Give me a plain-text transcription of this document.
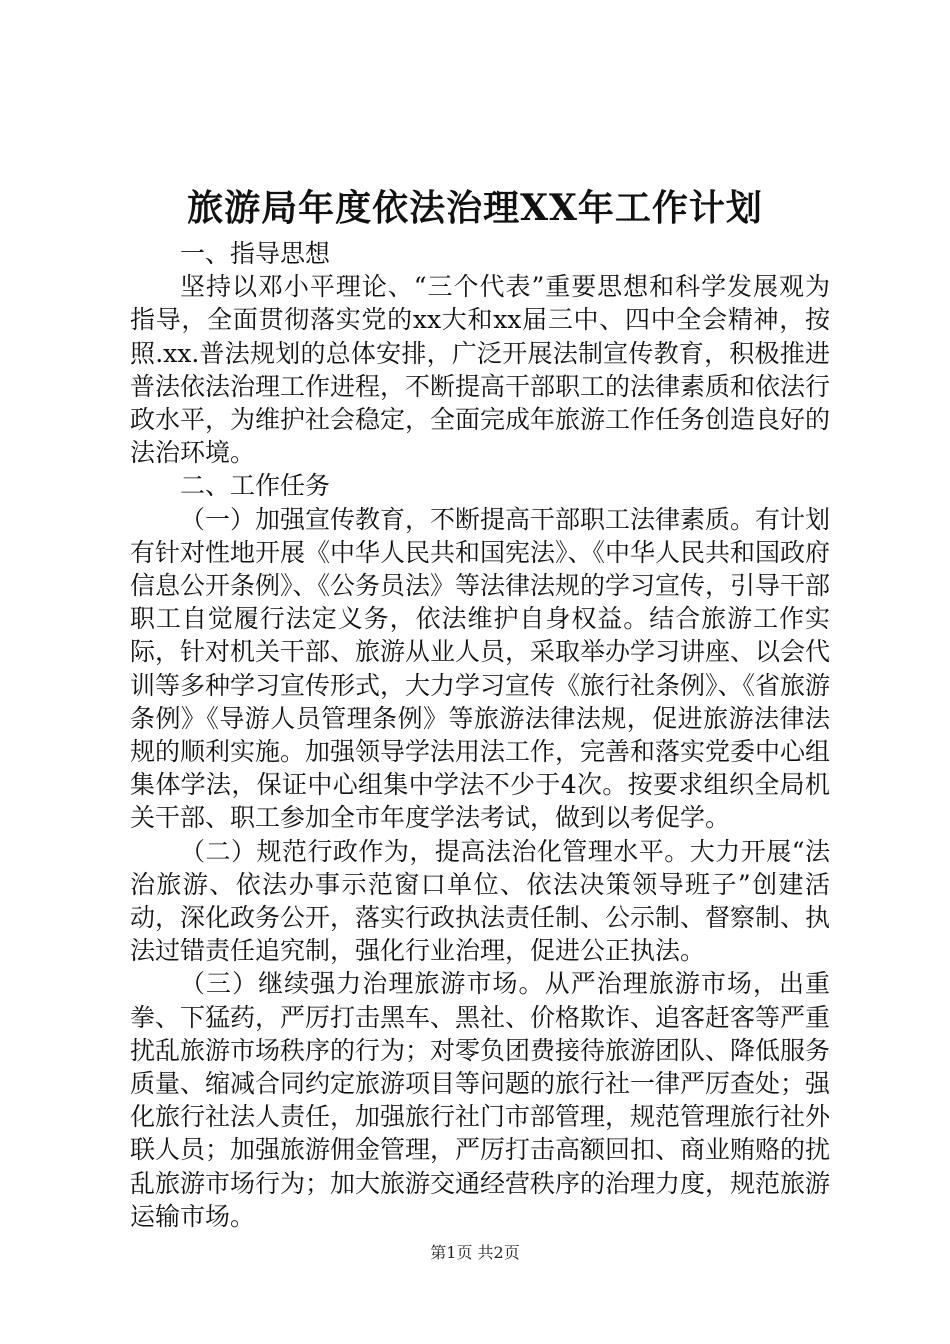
旅游局年度依法治理XX年工作计划

一、指导思想

坚持以邓小平理论、“三个代表”重要思想和科学发展观为指导，全面贯彻落实党的xx大和xx届三中、四中全会精神，按照.xx.普法规划的总体安排，广泛开展法制宣传教育，积极推进普法依法治理工作进程，不断提高干部职工的法律素质和依法行政水平，为维护社会稳定，全面完成年旅游工作任务创造良好的法治环境。

二、工作任务

（一）加强宣传教育，不断提高干部职工法律素质。有计划有针对性地开展《中华人民共和国宪法》、《中华人民共和国政府信息公开条例》、《公务员法》等法律法规的学习宣传，引导干部职工自觉履行法定义务，依法维护自身权益。结合旅游工作实际，针对机关干部、旅游从业人员，采取举办学习讲座、以会代训等多种学习宣传形式，大力学习宣传《旅行社条例》、《省旅游条例》《导游人员管理条例》等旅游法律法规，促进旅游法律法规的顺利实施。加强领导学法用法工作，完善和落实党委中心组集体学法，保证中心组集中学法不少于4次。按要求组织全局机关干部、职工参加全市年度学法考试，做到以考促学。

（二）规范行政作为，提高法治化管理水平。大力开展“法治旅游、依法办事示范窗口单位、依法决策领导班子”创建活动，深化政务公开，落实行政执法责任制、公示制、督察制、执法过错责任追究制，强化行业治理，促进公正执法。

（三）继续强力治理旅游市场。从严治理旅游市场，出重拳、下猛药，严厉打击黑车、黑社、价格欺诈、追客赶客等严重扰乱旅游市场秩序的行为；对零负团费接待旅游团队、降低服务质量、缩减合同约定旅游项目等问题的旅行社一律严厉查处；强化旅行社法人责任，加强旅行社门市部管理，规范管理旅行社外联人员；加强旅游佣金管理，严厉打击高额回扣、商业贿赂的扰乱旅游市场行为；加大旅游交通经营秩序的治理力度，规范旅游运输市场。

第1页 共2页
